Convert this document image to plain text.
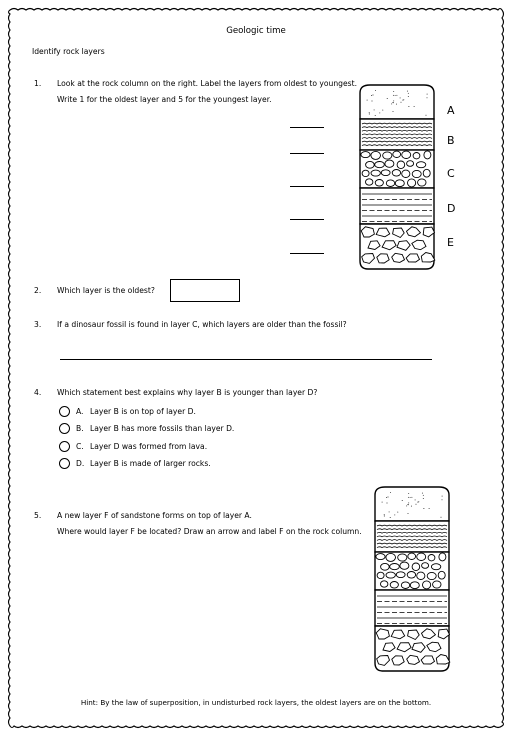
Geologic time
Identify rock layers
1. Look at the rock column on the right. Label the layers from oldest to youngest.
Write 1 for the oldest layer and 5 for the youngest layer.
A
B
C
D
E
2. Which layer is the oldest?
3. If a dinosaur fossil is found in layer C, which layers are older than the fossil?
4. Which statement best explains why layer B is younger than layer D?
A. Layer B is on top of layer D.
B. Layer B has more fossils than layer D.
C. Layer D was formed from lava.
D. Layer B is made of larger rocks.
5. A new layer F of sandstone forms on top of layer A.
Where would layer F be located? Draw an arrow and label F on the rock column.
Hint: By the law of superposition, in undisturbed rock layers, the oldest layers are on the bottom.
